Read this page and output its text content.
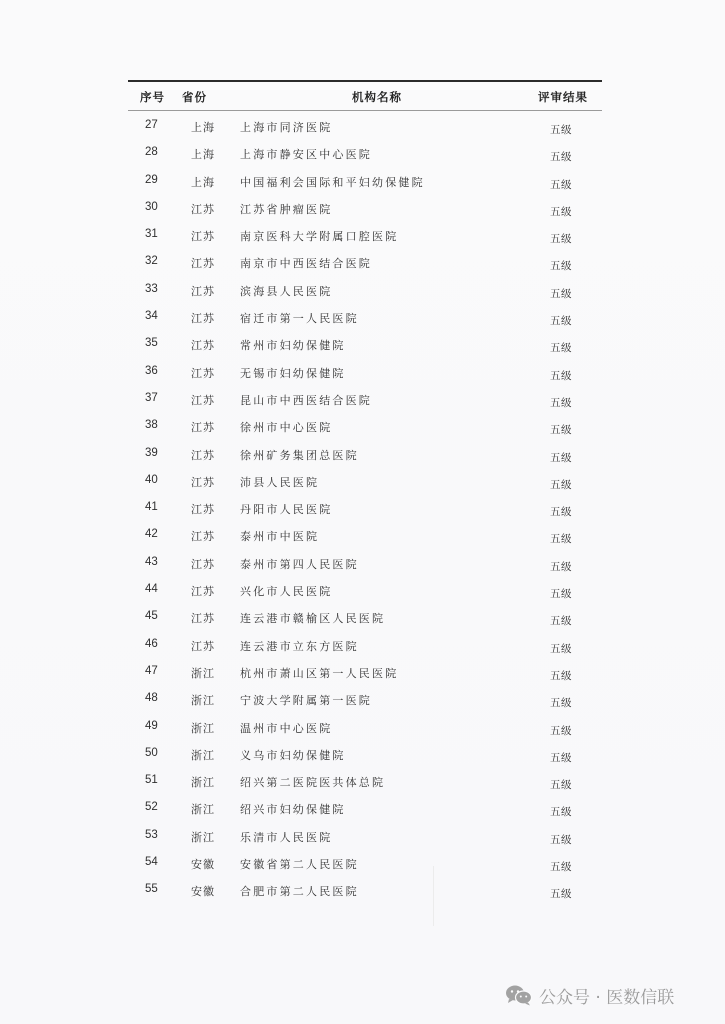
序号 省份	机构名称	评审结果
27	上海 上海市同济医院	五级
28	上海 上海市静安区中心医院	五级
29	上海 中国福利会国际和平妇幼保健院	五级
30	江苏 江苏省肿瘤医院	五级
31	江苏 南京医科大学附属口腔医院	五级
32	江苏 南京市中西医结合医院	五级
33	江苏 滨海县人民医院	五级
34	江苏 宿迁市第一人民医院	五级
35	江苏 常州市妇幼保健院	五级
36	江苏 无锡市妇幼保健院	五级
37	江苏 昆山市中西医结合医院	五级
38	江苏 徐州市中心医院	五级
39	江苏 徐州矿务集团总医院	五级
40	江苏 沛县人民医院	五级
41	江苏 丹阳市人民医院	五级
42	江苏 泰州市中医院	五级
43	江苏 泰州市第四人民医院	五级
44	江苏 兴化市人民医院	五级
45	江苏 连云港市赣榆区人民医院	五级
46	江苏 连云港市立东方医院	五级
47	浙江 杭州市萧山区第一人民医院	五级
48	浙江 宁波大学附属第一医院	五级
49	浙江 温州市中心医院	五级
50	浙江 义乌市妇幼保健院	五级
51	浙江 绍兴第二医院医共体总院	五级
52	浙江 绍兴市妇幼保健院	五级
53	浙江 乐清市人民医院	五级
54	安徽 安徽省第二人民医院	五级
55	安徽 合肥市第二人民医院	五级
公众号 · 医数信联
